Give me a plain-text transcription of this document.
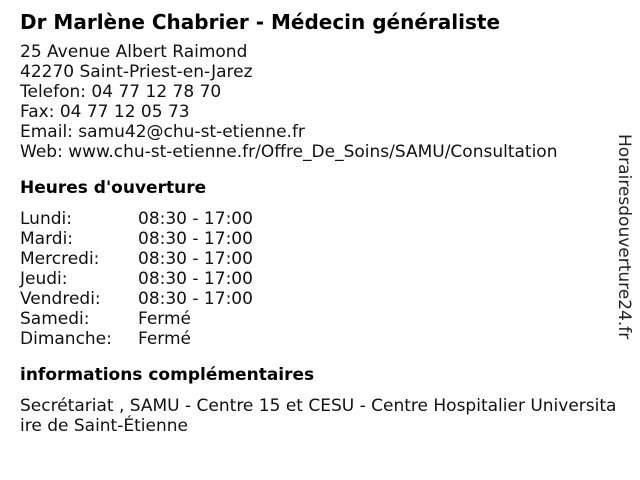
Dr Marlène Chabrier - Médecin généraliste
25 Avenue Albert Raimond
42270 Saint-Priest-en-Jarez
Telefon: 04 77 12 78 70
Fax: 04 77 12 05 73
Email: samu42@chu-st-etienne.fr
Web: www.chu-st-etienne.fr/Offre_De_Soins/SAMU/Consultation
Heures d'ouverture
Lundi:	08:30 - 17:00
Mardi:	08:30 - 17:00
Mercredi:	08:30 - 17:00
Jeudi:	08:30 - 17:00
Vendredi:	08:30 - 17:00
Samedi:	Fermé
Dimanche:	Fermé
informations complémentaires
Secrétariat , SAMU - Centre 15 et CESU - Centre Hospitalier Universitaire de Saint-Étienne
Horairesdouverture24.fr
